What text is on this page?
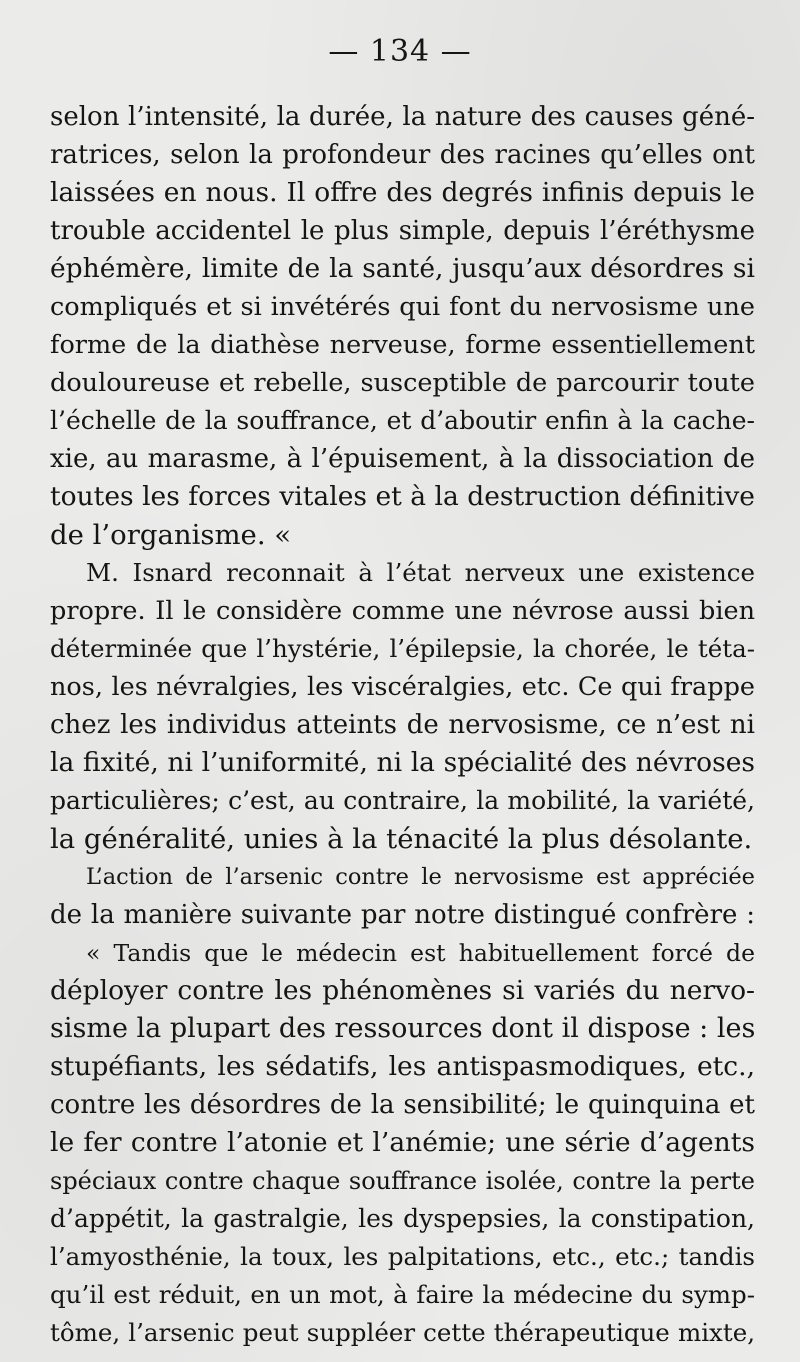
— 134 —
selon l’intensité, la durée, la nature des causes géné-
ratrices, selon la profondeur des racines qu’elles ont
laissées en nous. Il offre des degrés infinis depuis le
trouble accidentel le plus simple, depuis l’éréthysme
éphémère, limite de la santé, jusqu’aux désordres si
compliqués et si invétérés qui font du nervosisme une
forme de la diathèse nerveuse, forme essentiellement
douloureuse et rebelle, susceptible de parcourir toute
l’échelle de la souffrance, et d’aboutir enfin à la cache-
xie, au marasme, à l’épuisement, à la dissociation de
toutes les forces vitales et à la destruction définitive
de l’organisme. «
M. Isnard reconnait à l’état nerveux une existence
propre. Il le considère comme une névrose aussi bien
déterminée que l’hystérie, l’épilepsie, la chorée, le téta-
nos, les névralgies, les viscéralgies, etc. Ce qui frappe
chez les individus atteints de nervosisme, ce n’est ni
la fixité, ni l’uniformité, ni la spécialité des névroses
particulières; c’est, au contraire, la mobilité, la variété,
la généralité, unies à la ténacité la plus désolante.
L’action de l’arsenic contre le nervosisme est appréciée
de la manière suivante par notre distingué confrère :
« Tandis que le médecin est habituellement forcé de
déployer contre les phénomènes si variés du nervo-
sisme la plupart des ressources dont il dispose : les
stupéfiants, les sédatifs, les antispasmodiques, etc.,
contre les désordres de la sensibilité; le quinquina et
le fer contre l’atonie et l’anémie; une série d’agents
spéciaux contre chaque souffrance isolée, contre la perte
d’appétit, la gastralgie, les dyspepsies, la constipation,
l’amyosthénie, la toux, les palpitations, etc., etc.; tandis
qu’il est réduit, en un mot, à faire la médecine du symp-
tôme, l’arsenic peut suppléer cette thérapeutique mixte,
